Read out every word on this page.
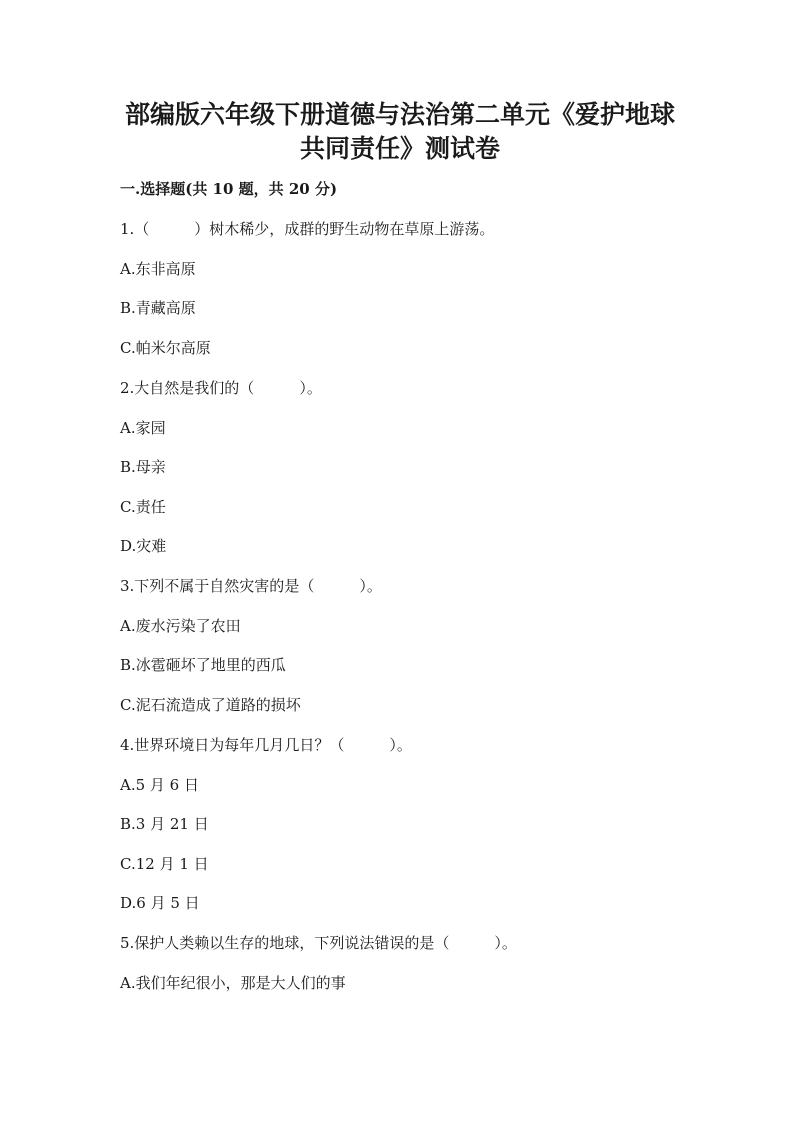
部编版六年级下册道德与法治第二单元《爱护地球
共同责任》测试卷
一.选择题(共 10 题，共 20 分)

1.（　　　）树木稀少，成群的野生动物在草原上游荡。

A.东非高原

B.青藏高原

C.帕米尔高原

2.大自然是我们的（　　　）。

A.家园

B.母亲

C.责任

D.灾难

3.下列不属于自然灾害的是（　　　）。

A.废水污染了农田

B.冰雹砸坏了地里的西瓜

C.泥石流造成了道路的损坏

4.世界环境日为每年几月几日？（　　　）。

A.5 月 6 日

B.3 月 21 日

C.12 月 1 日

D.6 月 5 日

5.保护人类赖以生存的地球，下列说法错误的是（　　　）。

A.我们年纪很小，那是大人们的事
